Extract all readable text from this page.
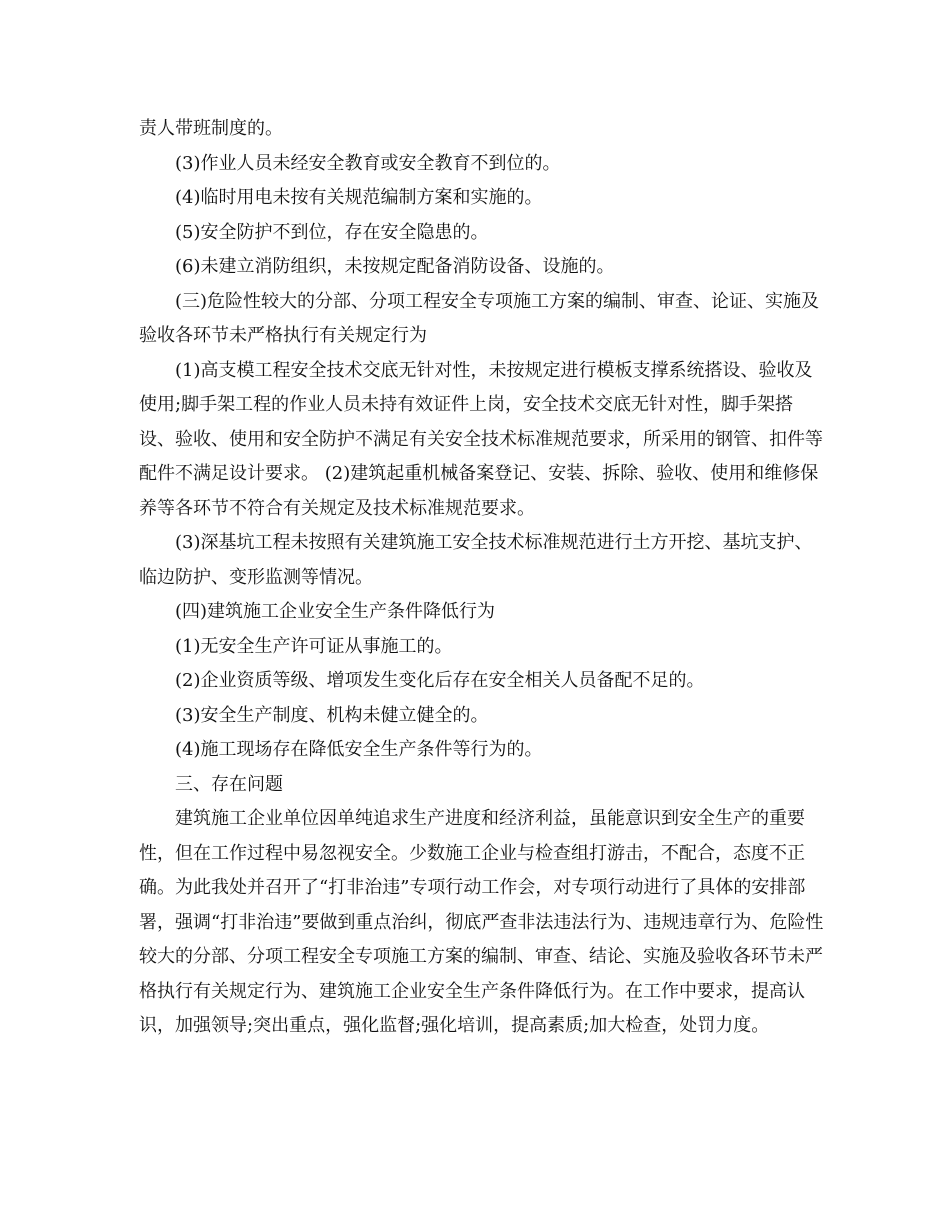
责人带班制度的。

(3)作业人员未经安全教育或安全教育不到位的。

(4)临时用电未按有关规范编制方案和实施的。

(5)安全防护不到位，存在安全隐患的。

(6)未建立消防组织，未按规定配备消防设备、设施的。

(三)危险性较大的分部、分项工程安全专项施工方案的编制、审查、论证、实施及验收各环节未严格执行有关规定行为

(1)高支模工程安全技术交底无针对性，未按规定进行模板支撑系统搭设、验收及使用;脚手架工程的作业人员未持有效证件上岗，安全技术交底无针对性，脚手架搭设、验收、使用和安全防护不满足有关安全技术标准规范要求，所采用的钢管、扣件等配件不满足设计要求。 (2)建筑起重机械备案登记、安装、拆除、验收、使用和维修保养等各环节不符合有关规定及技术标准规范要求。

(3)深基坑工程未按照有关建筑施工安全技术标准规范进行土方开挖、基坑支护、临边防护、变形监测等情况。

(四)建筑施工企业安全生产条件降低行为

(1)无安全生产许可证从事施工的。

(2)企业资质等级、增项发生变化后存在安全相关人员备配不足的。

(3)安全生产制度、机构未健立健全的。

(4)施工现场存在降低安全生产条件等行为的。

三、存在问题

建筑施工企业单位因单纯追求生产进度和经济利益，虽能意识到安全生产的重要性，但在工作过程中易忽视安全。少数施工企业与检查组打游击，不配合，态度不正确。为此我处并召开了“打非治违”专项行动工作会，对专项行动进行了具体的安排部署，强调“打非治违”要做到重点治纠，彻底严查非法违法行为、违规违章行为、危险性较大的分部、分项工程安全专项施工方案的编制、审查、结论、实施及验收各环节未严格执行有关规定行为、建筑施工企业安全生产条件降低行为。在工作中要求，提高认识，加强领导;突出重点，强化监督;强化培训，提高素质;加大检查，处罚力度。
